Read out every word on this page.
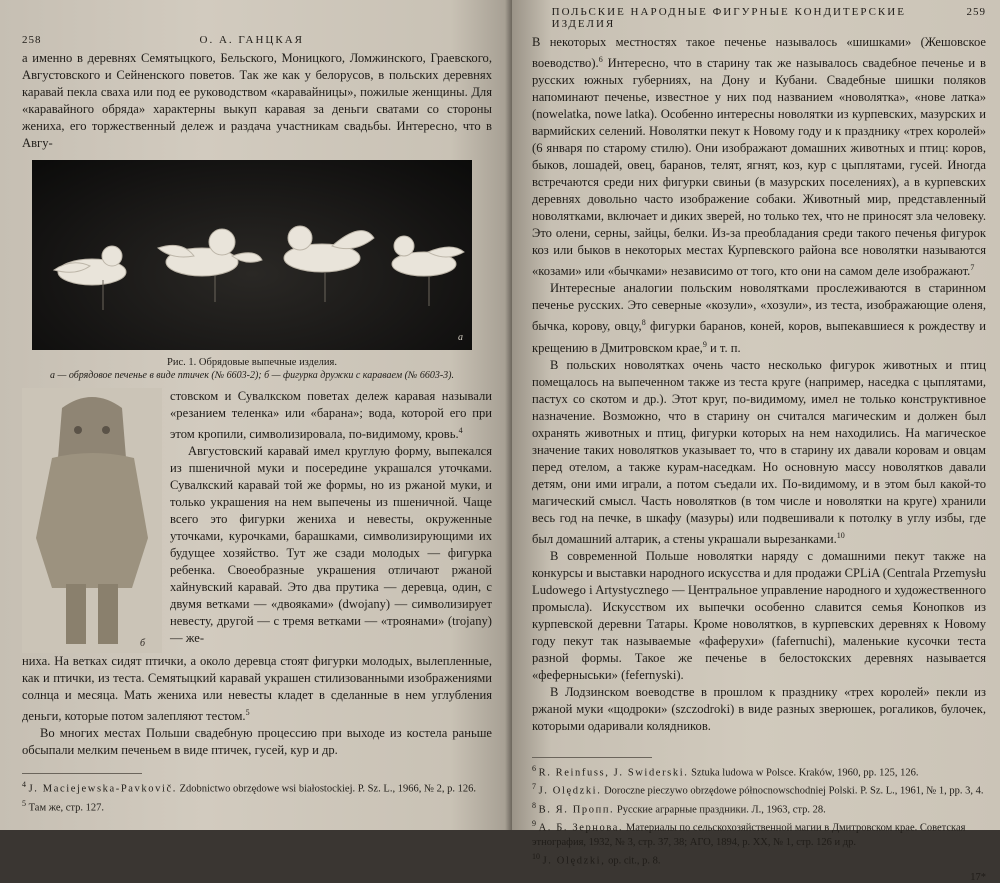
258	О. А. ГАНЦКАЯ

а именно в деревнях Семятыцкого, Бельского, Моницкого, Ломжинского, Граевского, Августовского и Сейненского поветов. Так же как у белорусов, в польских деревнях каравай пекла сваха или под ее руководством «каравайницы», пожилые женщины. Для «каравайного обряда» характерны выкуп каравая за деньги сватами со стороны жениха, его торжественный дележ и раздача участникам свадьбы. Интересно, что в Авгу-

а
Рис. 1. Обрядовые выпечные изделия.
а — обрядовое печенье в виде птичек (№ 6603-2); б — фигурка дружки с караваем (№ 6603-3).
б

стовском и Сувалкском поветах дележ каравая называли «резанием теленка» или «барана»; вода, которой его при этом кропили, символизировала, по-видимому, кровь.$^4$

Августовский каравай имел круглую форму, выпекался из пшеничной муки и посередине украшался уточками. Сувалкский каравай той же формы, но из ржаной муки, и только украшения на нем выпечены из пшеничной. Чаще всего это фигурки жениха и невесты, окруженные уточками, курочками, барашками, символизирующими их будущее хозяйство. Тут же сзади молодых — фигурка ребенка. Своеобразные украшения отличают ржаной хайнувский каравай. Это два прутика — деревца, один, с двумя ветками — «двояками» (dwojany) — символизирует невесту, другой — с тремя ветками — «троянами» (trojany) — же-

ниха. На ветках сидят птички, а около деревца стоят фигурки молодых, вылепленные, как и птички, из теста. Семятыцкий каравай украшен стилизованными изображениями солнца и месяца. Мать жениха или невесты кладет в сделанные в нем углубления деньги, которые потом залепляют тестом.$^5$

Во многих местах Польши свадебную процессию при выходе из костела раньше обсыпали мелким печеньем в виде птичек, гусей, кур и др.

$^4$ J. Maciejewska-Pavkovič. Zdobnictwo obrzędowe wsi białostockiej. P. Sz. L., 1966, № 2, p. 126.
$^5$ Там же, стр. 127.
ПОЛЬСКИЕ НАРОДНЫЕ ФИГУРНЫЕ КОНДИТЕРСКИЕ ИЗДЕЛИЯ
259

В некоторых местностях такое печенье называлось «шишками» (Жешовское воеводство).$^6$ Интересно, что в старину так же называлось свадебное печенье и в русских южных губерниях, на Дону и Кубани. Свадебные шишки поляков напоминают печенье, известное у них под названием «новолятка», «нове латка» (nowelatka, nowe latka). Особенно интересны новолятки из курпевских, мазурских и вармийских селений. Новолятки пекут к Новому году и к празднику «трех королей» (6 января по старому стилю). Они изображают домашних животных и птиц: коров, быков, лошадей, овец, баранов, телят, ягнят, коз, кур с цыплятами, гусей. Иногда встречаются среди них фигурки свиньи (в мазурских поселениях), а в курпевских деревнях довольно часто изображение собаки. Животный мир, представленный новолятками, включает и диких зверей, но только тех, что не приносят зла человеку. Это олени, серны, зайцы, белки. Из-за преобладания среди такого печенья фигурок коз или быков в некоторых местах Курпевского района все новолятки называются «козами» или «бычками» независимо от того, кто они на самом деле изображают.$^7$

Интересные аналогии польским новолятками прослеживаются в старинном печенье русских. Это северные «козули», «хозули», из теста, изображающие оленя, бычка, корову, овцу,$^8$ фигурки баранов, коней, коров, выпекавшиеся к рождеству и крещению в Дмитровском крае,$^9$ и т. п.

В польских новолятках очень часто несколько фигурок животных и птиц помещалось на выпеченном также из теста круге (например, наседка с цыплятами, пастух со скотом и др.). Этот круг, по-видимому, имел не только конструктивное назначение. Возможно, что в старину он считался магическим и должен был охранять животных и птиц, фигурки которых на нем находились. На магическое значение таких новолятков указывает то, что в старину их давали коровам и овцам перед отелом, а также курам-наседкам. Но основную массу новолятков давали детям, они ими играли, а потом съедали их. По-видимому, и в этом был какой-то магический смысл. Часть новолятков (в том числе и новолятки на круге) хранили весь год на печке, в шкафу (мазуры) или подвешивали к потолку в углу избы, где был домашний алтарик, а стены украшали вырезанками.$^{10}$

В современной Польше новолятки наряду с домашними пекут также на конкурсы и выставки народного искусства и для продажи CPLiA (Centrala Przemysłu Ludowego i Artystycznego — Центральное управление народного и художественного промысла). Искусством их выпечки особенно славится семья Конопков из курпевской деревни Татары. Кроме новолятков, в курпевских деревнях к Новому году пекут так называемые «фаферухи» (fafernuchi), маленькие кусочки теста разной формы. Такое же печенье в белостокских деревнях называется «феферныськи» (fefernyski).

В Лодзинском воеводстве в прошлом к празднику «трех королей» пекли из ржаной муки «щодроки» (szczodroki) в виде разных зверюшек, рогаликов, булочек, которыми одаривали колядников.

$^6$ R. Reinfuss, J. Swiderski. Sztuka ludowa w Polsce. Kraków, 1960, pp. 125, 126.
$^7$ J. Olędzki. Doroczne pieczywo obrzędowe północnowschodniej Polski. P. Sz. L., 1961, № 1, pp. 3, 4.
$^8$ В. Я. Пропп. Русские аграрные праздники. Л., 1963, стр. 28.
$^9$ А. Б. Зернова. Материалы по сельскохозяйственной магии в Дмитровском крае. Советская этнография, 1932, № 3, стр. 37, 38; АГО, 1894, р. XX, № 1, стр. 126 и др.
$^{10}$ J. Olędzki, op. cit., p. 8.
17*
